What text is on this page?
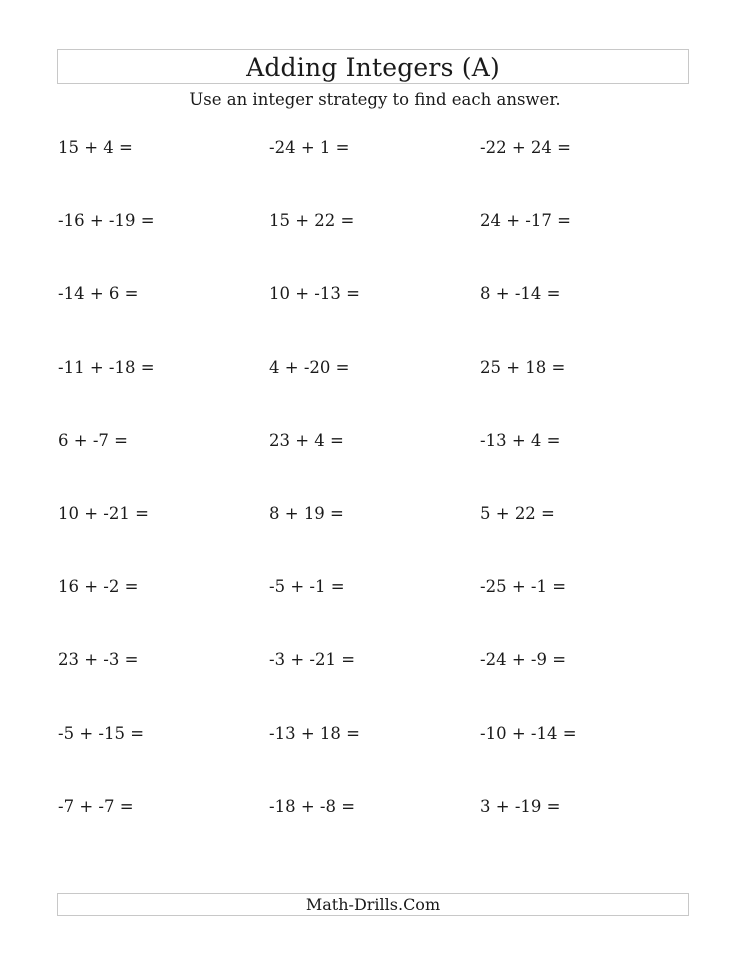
Adding Integers (A)
Use an integer strategy to find each answer.
15 + 4 =	-24 + 1 =	-22 + 24 =
-16 + -19 =	15 + 22 =	24 + -17 =
-14 + 6 =	10 + -13 =	8 + -14 =
-11 + -18 =	4 + -20 =	25 + 18 =
6 + -7 =	23 + 4 =	-13 + 4 =
10 + -21 =	8 + 19 =	5 + 22 =
16 + -2 =	-5 + -1 =	-25 + -1 =
23 + -3 =	-3 + -21 =	-24 + -9 =
-5 + -15 =	-13 + 18 =	-10 + -14 =
-7 + -7 =	-18 + -8 =	3 + -19 =
Math-Drills.Com
